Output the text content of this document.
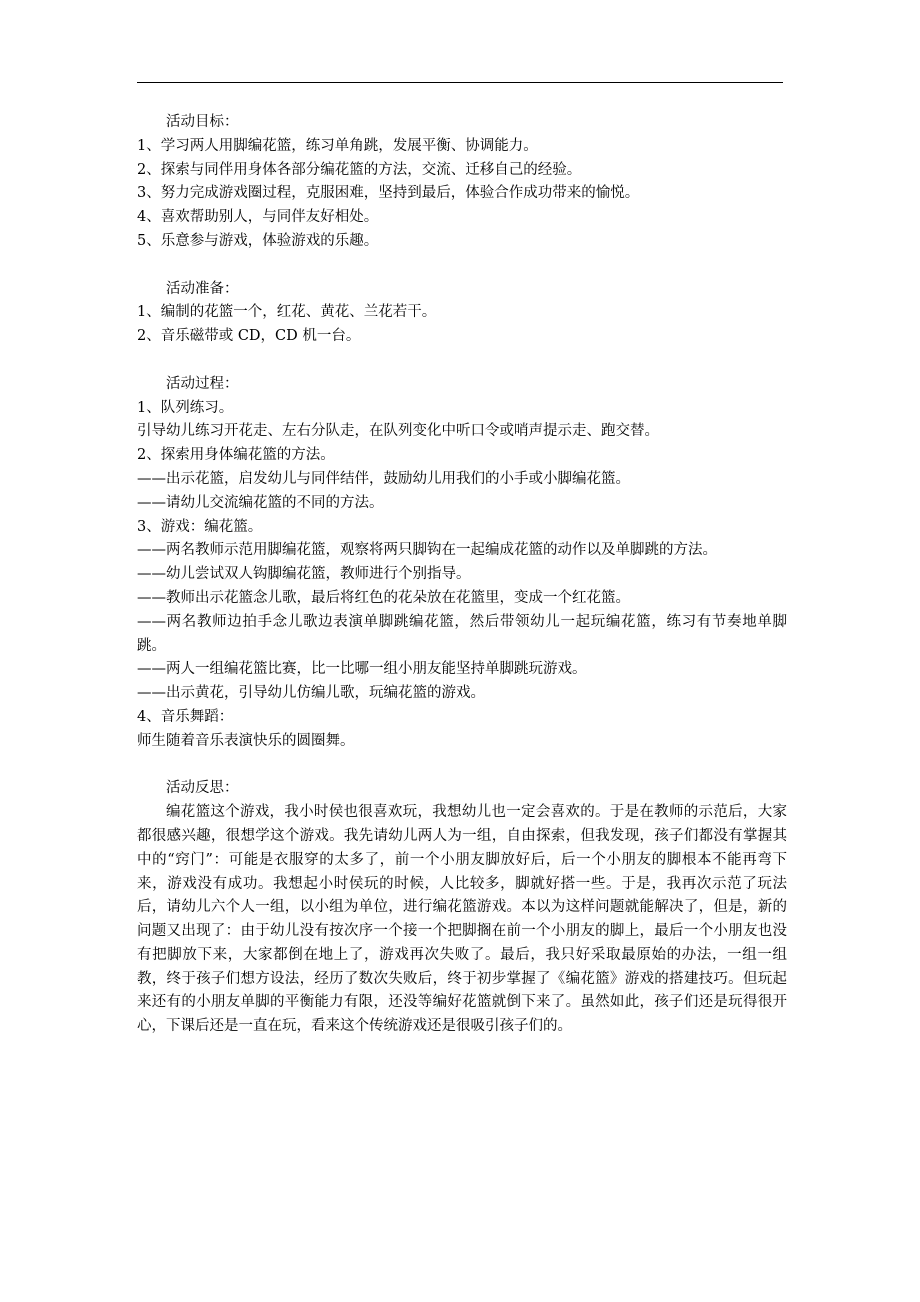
活动目标：

1、学习两人用脚编花篮，练习单角跳，发展平衡、协调能力。

2、探索与同伴用身体各部分编花篮的方法，交流、迁移自己的经验。

3、努力完成游戏圈过程，克服困难，坚持到最后，体验合作成功带来的愉悦。

4、喜欢帮助别人，与同伴友好相处。

5、乐意参与游戏，体验游戏的乐趣。

活动准备：

1、编制的花篮一个，红花、黄花、兰花若干。

2、音乐磁带或 CD，CD 机一台。

活动过程：

1、队列练习。

引导幼儿练习开花走、左右分队走，在队列变化中听口令或哨声提示走、跑交替。

2、探索用身体编花篮的方法。

——出示花篮，启发幼儿与同伴结伴，鼓励幼儿用我们的小手或小脚编花篮。

——请幼儿交流编花篮的不同的方法。

3、游戏：编花篮。

——两名教师示范用脚编花篮，观察将两只脚钩在一起编成花篮的动作以及单脚跳的方法。

——幼儿尝试双人钩脚编花篮，教师进行个别指导。

——教师出示花篮念儿歌，最后将红色的花朵放在花篮里，变成一个红花篮。

——两名教师边拍手念儿歌边表演单脚跳编花篮，然后带领幼儿一起玩编花篮，练习有节奏地单脚跳。

——两人一组编花篮比赛，比一比哪一组小朋友能坚持单脚跳玩游戏。

——出示黄花，引导幼儿仿编儿歌，玩编花篮的游戏。

4、音乐舞蹈：

师生随着音乐表演快乐的圆圈舞。

活动反思：

编花篮这个游戏，我小时侯也很喜欢玩，我想幼儿也一定会喜欢的。于是在教师的示范后，大家都很感兴趣，很想学这个游戏。我先请幼儿两人为一组，自由探索，但我发现，孩子们都没有掌握其中的“窍门”：可能是衣服穿的太多了，前一个小朋友脚放好后，后一个小朋友的脚根本不能再弯下来，游戏没有成功。我想起小时侯玩的时候，人比较多，脚就好搭一些。于是，我再次示范了玩法后，请幼儿六个人一组，以小组为单位，进行编花篮游戏。本以为这样问题就能解决了，但是，新的问题又出现了：由于幼儿没有按次序一个接一个把脚搁在前一个小朋友的脚上，最后一个小朋友也没有把脚放下来，大家都倒在地上了，游戏再次失败了。最后，我只好采取最原始的办法，一组一组教，终于孩子们想方设法，经历了数次失败后，终于初步掌握了《编花篮》游戏的搭建技巧。但玩起来还有的小朋友单脚的平衡能力有限，还没等编好花篮就倒下来了。虽然如此，孩子们还是玩得很开心，下课后还是一直在玩，看来这个传统游戏还是很吸引孩子们的。
